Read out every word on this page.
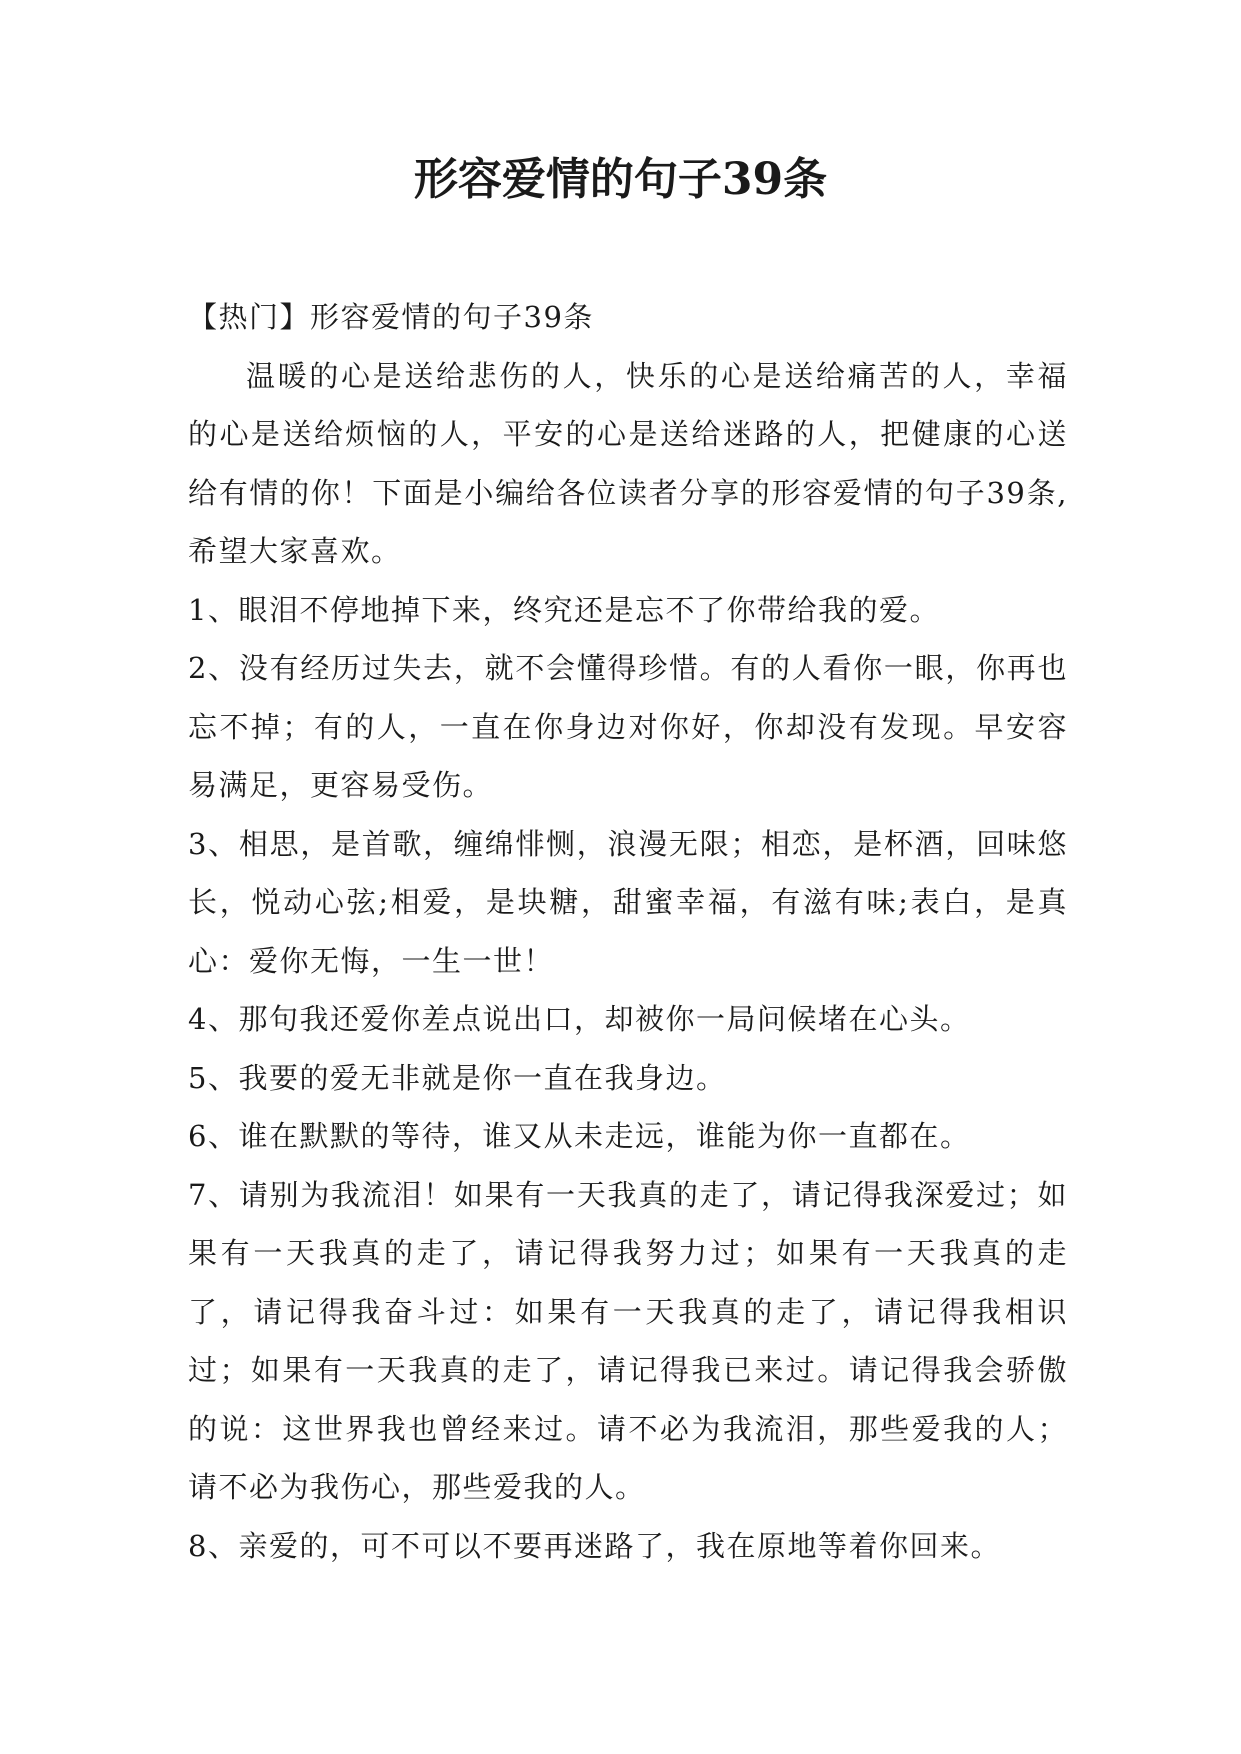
形容爱情的句子39条

【热门】形容爱情的句子39条

温暖的心是送给悲伤的人，快乐的心是送给痛苦的人，幸福的心是送给烦恼的人，平安的心是送给迷路的人，把健康的心送给有情的你！下面是小编给各位读者分享的形容爱情的句子39条,希望大家喜欢。

1、眼泪不停地掉下来，终究还是忘不了你带给我的爱。

2、没有经历过失去，就不会懂得珍惜。有的人看你一眼，你再也忘不掉；有的人，一直在你身边对你好，你却没有发现。早安容易满足，更容易受伤。

3、相思，是首歌，缠绵悱恻，浪漫无限；相恋，是杯酒，回味悠长，悦动心弦;相爱，是块糖，甜蜜幸福，有滋有味;表白，是真心：爱你无悔，一生一世！

4、那句我还爱你差点说出口，却被你一局问候堵在心头。

5、我要的爱无非就是你一直在我身边。

6、谁在默默的等待，谁又从未走远，谁能为你一直都在。

7、请别为我流泪！如果有一天我真的走了，请记得我深爱过；如果有一天我真的走了，请记得我努力过；如果有一天我真的走了，请记得我奋斗过：如果有一天我真的走了，请记得我相识过；如果有一天我真的走了，请记得我已来过。请记得我会骄傲的说：这世界我也曾经来过。请不必为我流泪，那些爱我的人；请不必为我伤心，那些爱我的人。

8、亲爱的，可不可以不要再迷路了，我在原地等着你回来。
